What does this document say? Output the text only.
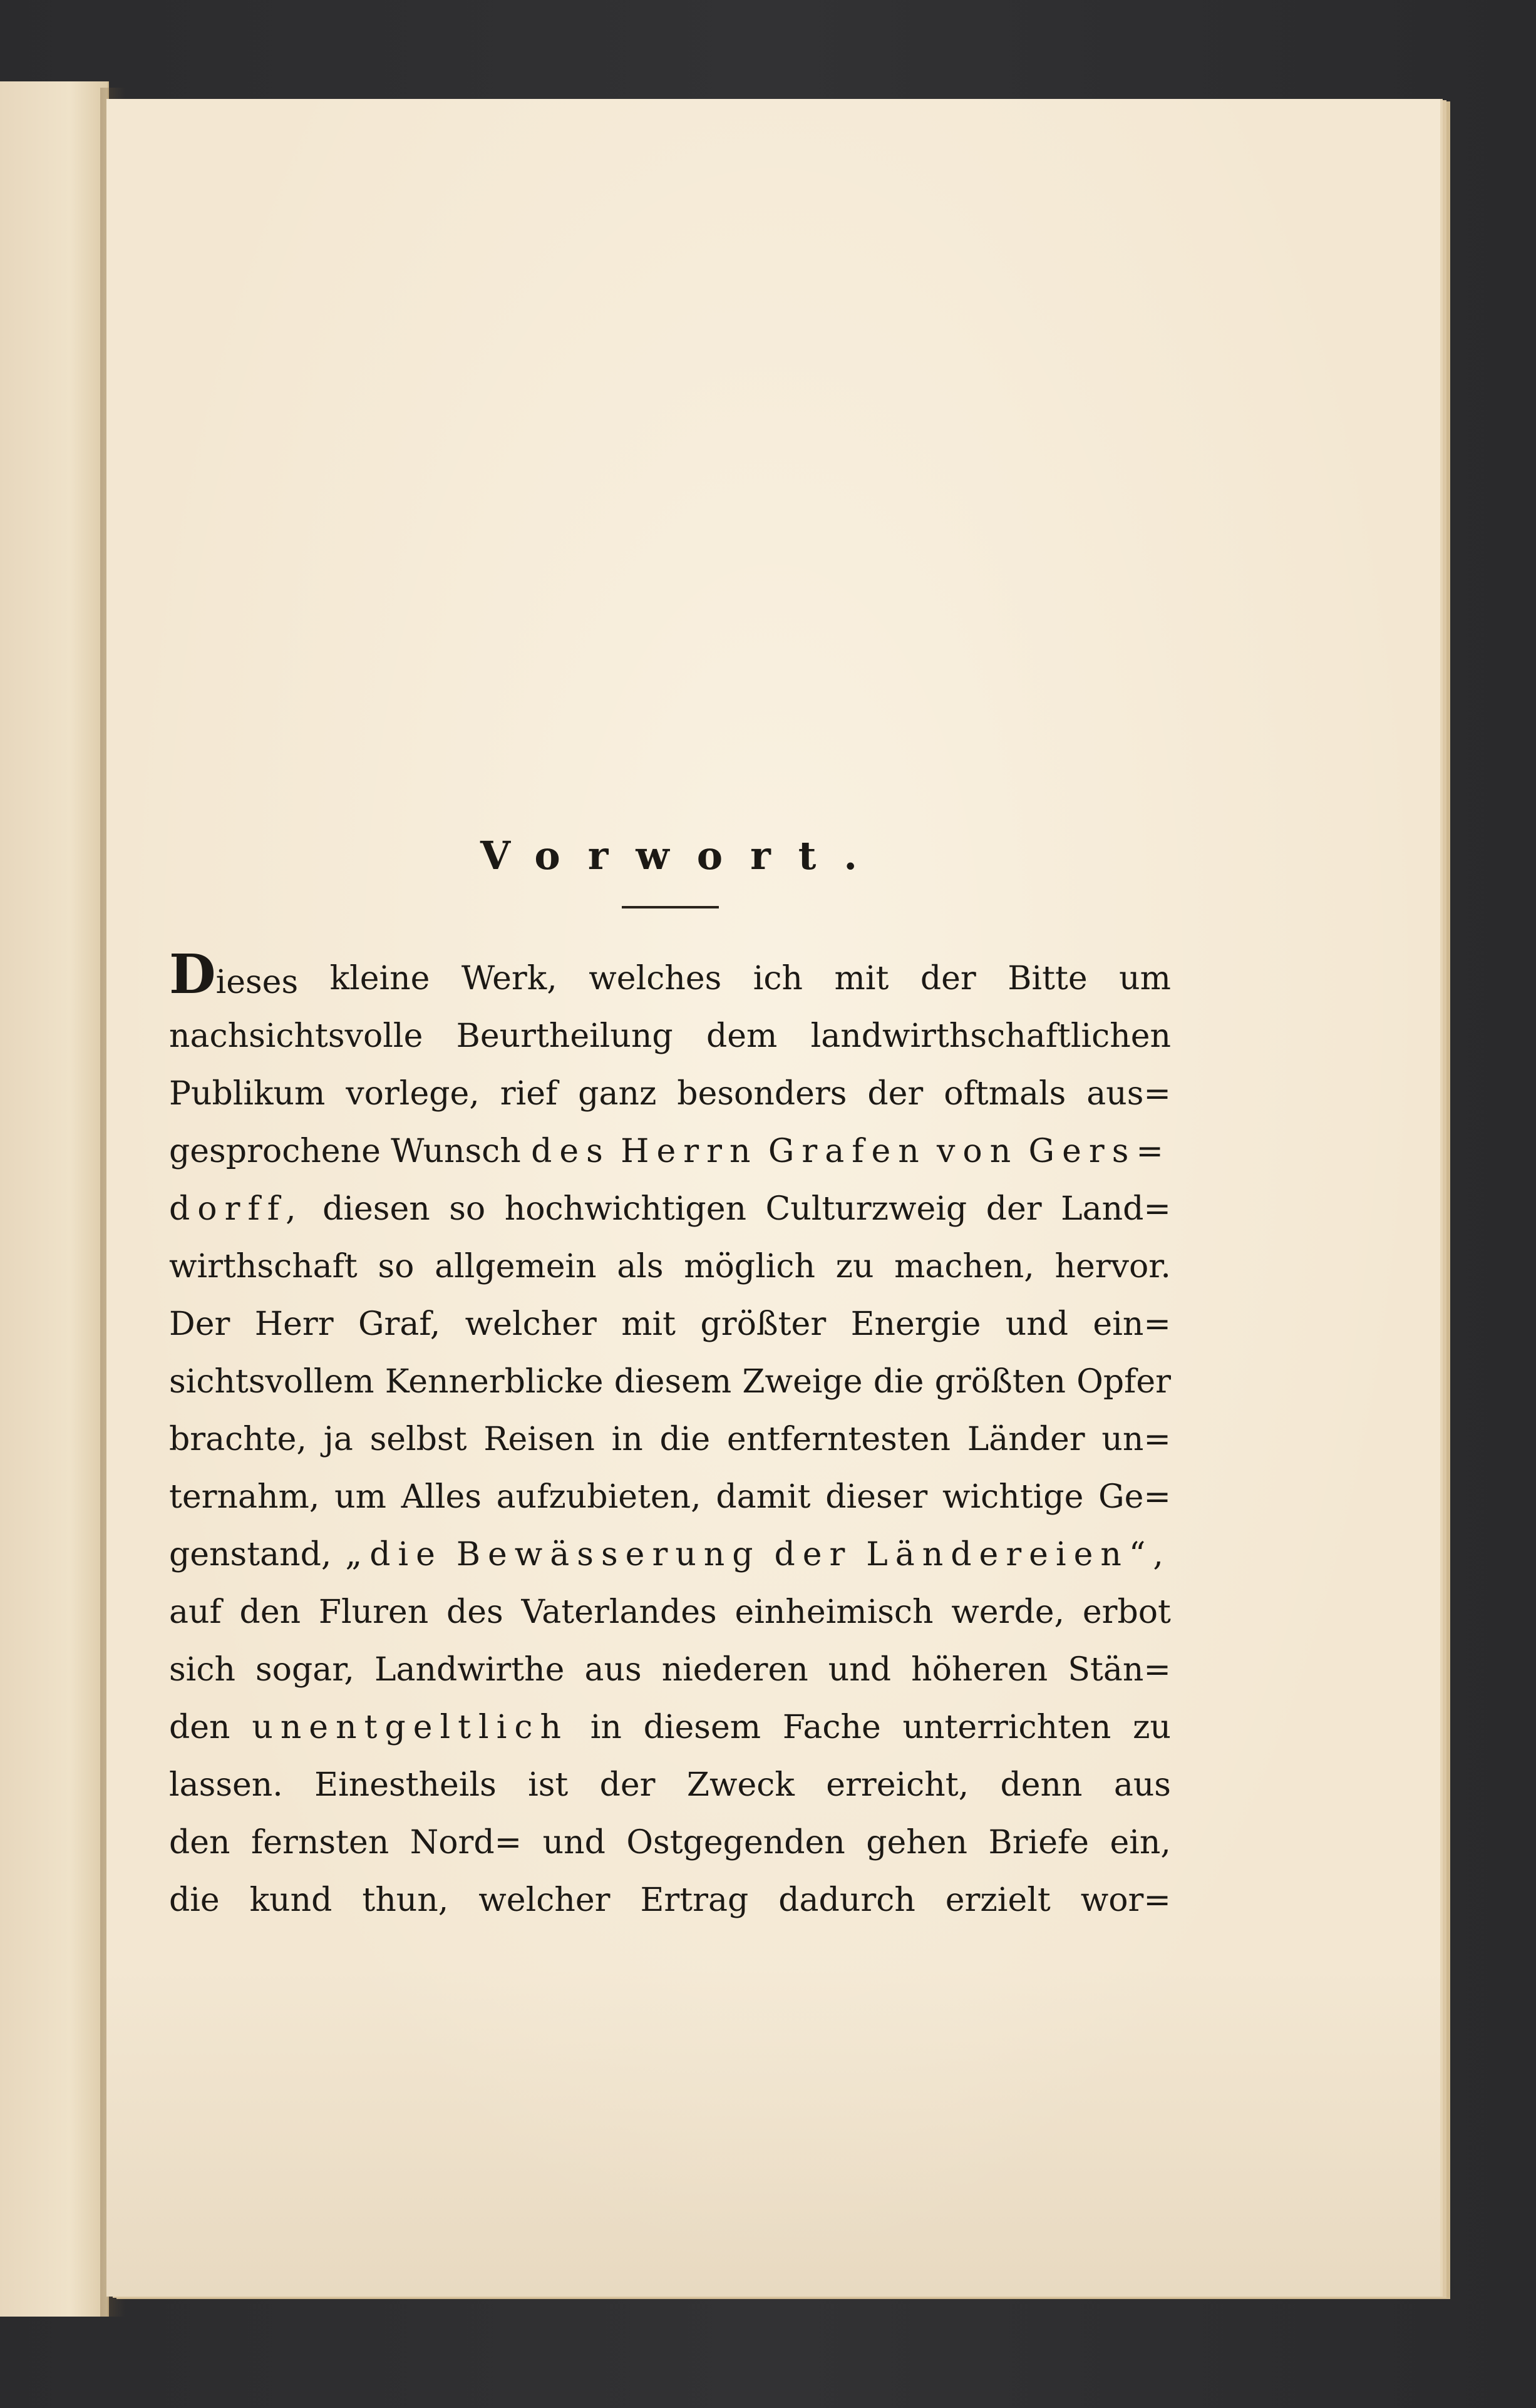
Vorwort.
Dieses kleine Werk, welches ich mit der Bitte um
nachsichtsvolle Beurtheilung dem landwirthschaftlichen
Publikum vorlege, rief ganz besonders der oftmals aus=
gesprochene Wunsch des Herrn Grafen von Gers=
dorff, diesen so hochwichtigen Culturzweig der Land=
wirthschaft so allgemein als möglich zu machen, hervor.
Der Herr Graf, welcher mit größter Energie und ein=
sichtsvollem Kennerblicke diesem Zweige die größten Opfer
brachte, ja selbst Reisen in die entferntesten Länder un=
ternahm, um Alles aufzubieten, damit dieser wichtige Ge=
genstand, „die Bewässerung der Ländereien“,
auf den Fluren des Vaterlandes einheimisch werde, erbot
sich sogar, Landwirthe aus niederen und höheren Stän=
den unentgeltlich in diesem Fache unterrichten zu
lassen. Einestheils ist der Zweck erreicht, denn aus
den fernsten Nord= und Ostgegenden gehen Briefe ein,
die kund thun, welcher Ertrag dadurch erzielt wor=
